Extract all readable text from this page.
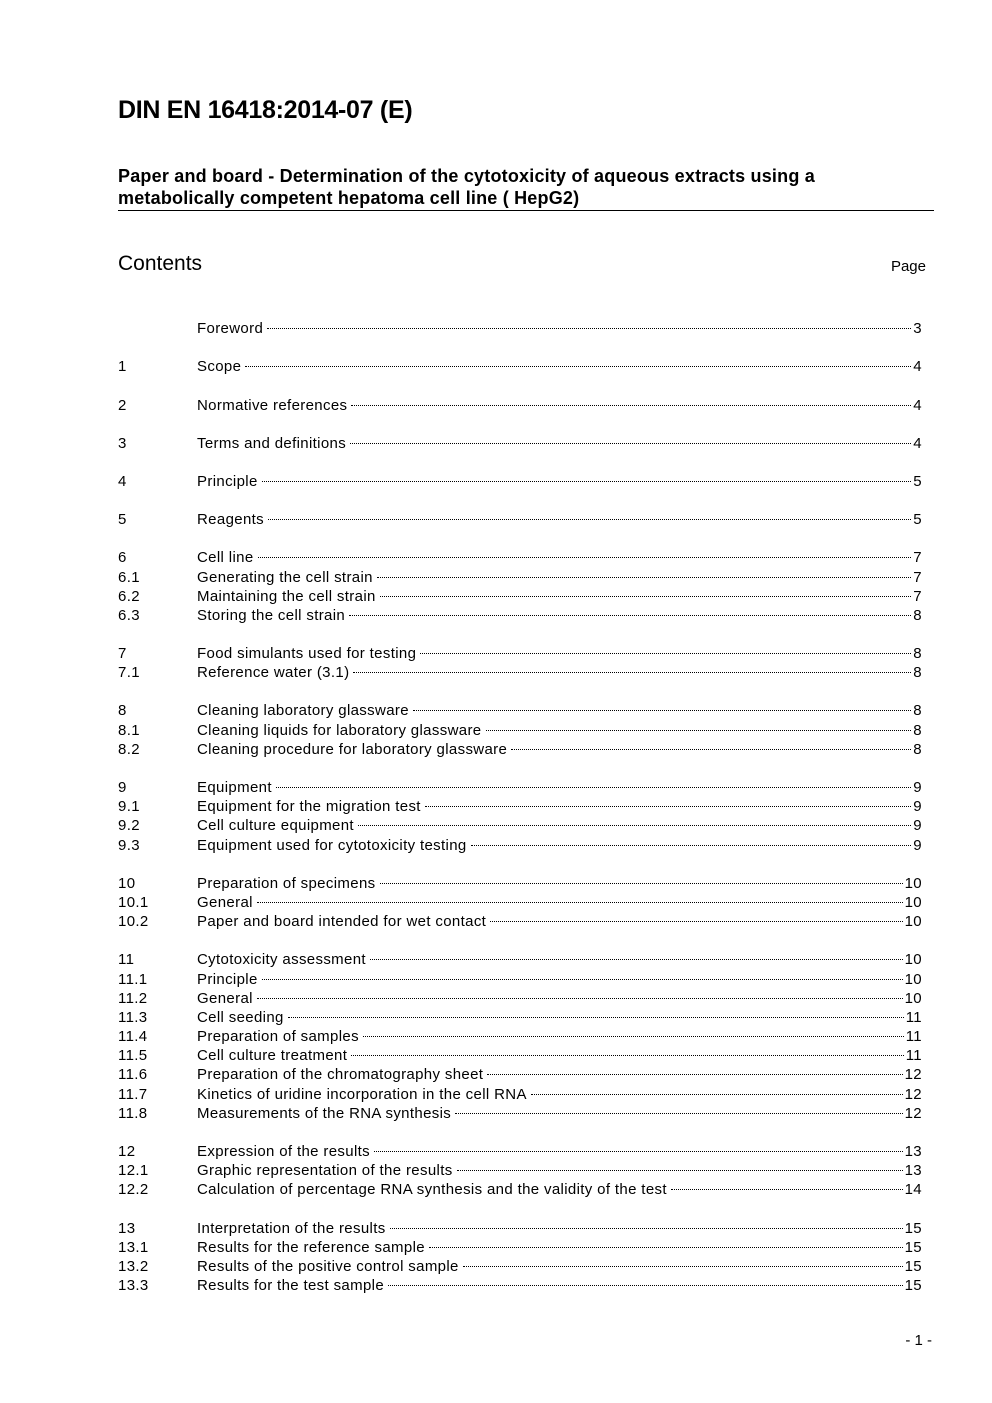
DIN EN 16418:2014-07 (E)
Paper and board - Determination of the cytotoxicity of aqueous extracts using a metabolically competent hepatoma cell line ( HepG2)
Contents	Page
Foreword	3
1	Scope	4
2	Normative references	4
3	Terms and definitions	4
4	Principle	5
5	Reagents	5
6	Cell line	7
6.1	Generating the cell strain	7
6.2	Maintaining the cell strain	7
6.3	Storing the cell strain	8
7	Food simulants used for testing	8
7.1	Reference water (3.1)	8
8	Cleaning laboratory glassware	8
8.1	Cleaning liquids for laboratory glassware	8
8.2	Cleaning procedure for laboratory glassware	8
9	Equipment	9
9.1	Equipment for the migration test	9
9.2	Cell culture equipment	9
9.3	Equipment used for cytotoxicity testing	9
10	Preparation of specimens	10
10.1	General	10
10.2	Paper and board intended for wet contact	10
11	Cytotoxicity assessment	10
11.1	Principle	10
11.2	General	10
11.3	Cell seeding	11
11.4	Preparation of samples	11
11.5	Cell culture treatment	11
11.6	Preparation of the chromatography sheet	12
11.7	Kinetics of uridine incorporation in the cell RNA	12
11.8	Measurements of the RNA synthesis	12
12	Expression of the results	13
12.1	Graphic representation of the results	13
12.2	Calculation of percentage RNA synthesis and the validity of the test	14
13	Interpretation of the results	15
13.1	Results for the reference sample	15
13.2	Results of the positive control sample	15
13.3	Results for the test sample	15
- 1 -
